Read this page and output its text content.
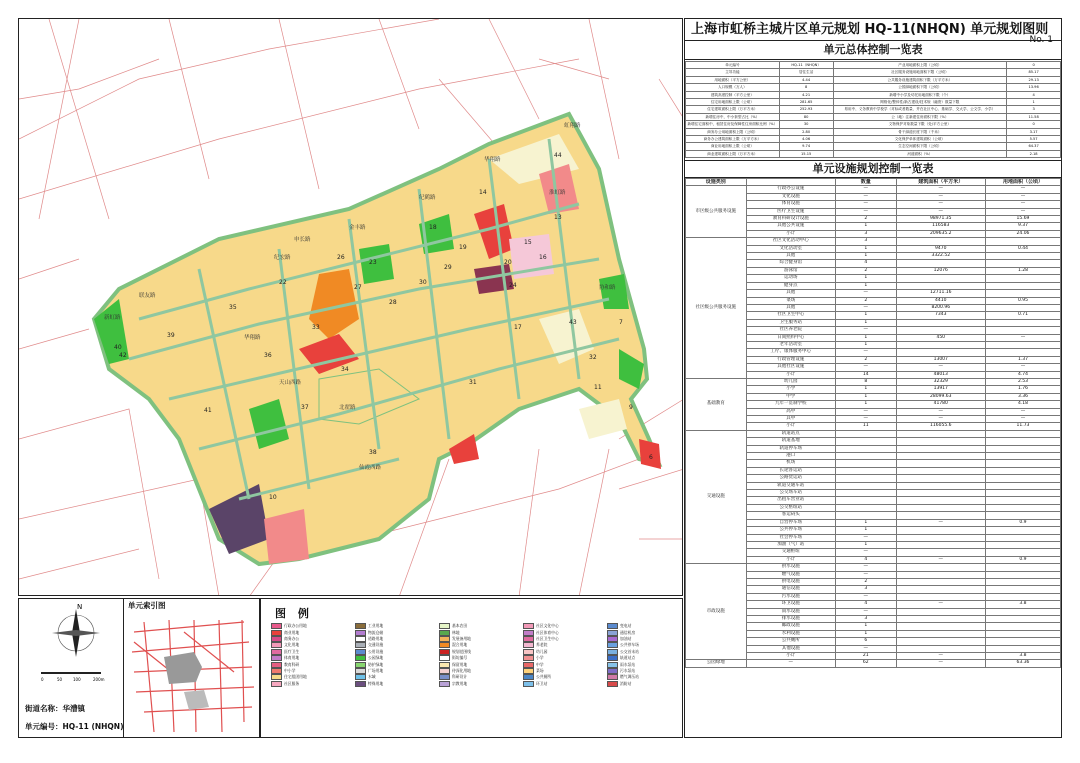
44
14
13
16
18
19
20
15
26
22
23
27
28
29
30
35
33
39
40
41
36
34
37
38
31
17
43
32
10
42
7
11
9
6
24
虹翔路
华翔路
纪鹤路
金丰路
申长路
纪宏路
联友路
新虹路
华翔路
天山西路
北翟路
淮虹路
协和路
仙霞西路
N
0	50	100	200m
街道名称：华漕镇
单元编号：HQ-11 (NHQN)
单元索引图
图 例
行政办公用地
商业用地
商务办公
文化用地
医疗卫生
体育用地
教育科研
中小学
住宅组团用地
社区服务
工业用地
物流仓储
道路用地
交通设施
公用设施
公园绿地
防护绿地
广场用地
水域
特殊用地
基本农田
林地
发展备用地
混合用地
规划范围线
街坊编号
保留用地
待深化用地
科研设计
宗教用地
社区文化中心
社区体育中心
社区卫生中心
养老院
幼儿园
小学
中学
菜场
公共厕所
环卫站
变电站
通信机房
加油站
公共停车场
公交首末站
轨道站点
雨水泵站
污水泵站
燃气调压站
消防站
上海市虹桥主城片区单元规划 HQ-11(NHQN) 单元规划图则
No. 1
单元总体控制一览表
单元编号	HQ-11（NHQN）	产业用地面积上限（公顷）	0
主导功能	居住生活	社区服务设施用地面积下限（公顷）	85.17
用地面积（平方公里）	4.44	公共服务设施建筑面积下限（万平方米）	29.13
人口规模（万人）	8	公园绿地面积下限（公顷）	13.96
建筑高度控制（平方公里）	4.21	新增中小学及幼托用地面积下限（个）	4
住宅用地面积上限（公顷）	281.65	网格化/整体性/新古建设/技术规（融资）数量下限	1
住宅建筑面积上限（万平方米）	252.93	易用中、义务教育中学校学（对标或者数量、并在社区中心、基础学、交大学、公文学、小学）	3
新增住房中，中小套型占比（%）	80	公（地）注新建住房面积下限（%）	11.58
新增住宅面积中，租赁住房及保障性住房面积比例（%）	30	文物保护对象数量下限（处/平方公里）	0
商务办公用地面积上限（公顷）	2.80	骨干绿道长度下限（千米）	3.17
商务办公建筑面积上限（万平方米）	4.06	文化保护单体建筑面积（公顷）	5.57
商业用地面积上限（公顷）	9.74	生态空间面积下限（公顷）	64.37
商业建筑面积上限（万平方米）	15.15	河道面积（%）	2.18
单元设施规划控制一览表
设施类别		数量	建筑面积（平方米）	用地面积（公顷）
市区级公共服务设施	行政办公设施	—	—	—
	文化设施	—	—	—
	体育设施	—	—	—
	医疗卫生设施	—	—	—
	教育科研设计设施	2	98971.35	15.69
	其他公共设施	1	116583	9.37
	小计	3	209635.2	24.06
社区级公共服务设施	社区文化活动中心	3		
	文化活动室	1	9470	0.44
	其他	1	3322.52	
	综合健身馆	4		
	游泳馆	2	12076	1.28
	运动场	1		
	健身点	1		
	其他	—	12711.16	
	菜场	2	4410	0.95
	其他	—	8200.96	
	社区卫生中心	1	7343	0.71
	卫生服务站	1		
	社区养老院	—		
	日间照料中心	1	450	—
	老年活动室	1		
	工疗、康体服务中心	—		
	行政管理设施	2	13007	1.37
	其他社区设施	—	—	—
	小计	14	48013	4.74
基础教育	幼儿园	8	32329	2.53
	小学	1	13917	1.76
	中学	1	28099.63	3.36
	九年一贯制学校	1	41780	4.18
	高中	—	—	—
	其中	—	—	—
	小计	11	116055.6	11.73
交通设施	轨道站点			
	轨道基地			
	轨道停车场			
	港口			
	机场			
	长途客运站			
	公路货运站			
	轨道交通车站			
	公交场车站			
	出租车营业站			
	公交枢纽站			
	客运码头			
	自营停车场	1	—	0.9
	公共停车场	1		
	社会停车场	—		
	加油（气）站	1		
	交通枢纽	—		
	小计	4	—	0.9
市政设施	供水设施	—		
	燃气设施	—		
	供电设施	2		
	通信设施	3		
	污水设施	—		
	环卫设施	4	—	3.8
	雨水设施	—		
	排水设施	3		
	邮政设施	1		
	水利设施	1		
	公共厕所	6		
	其他设施	—		
	小计	21	—	3.8
公园绿地	—	62	—	63.36
